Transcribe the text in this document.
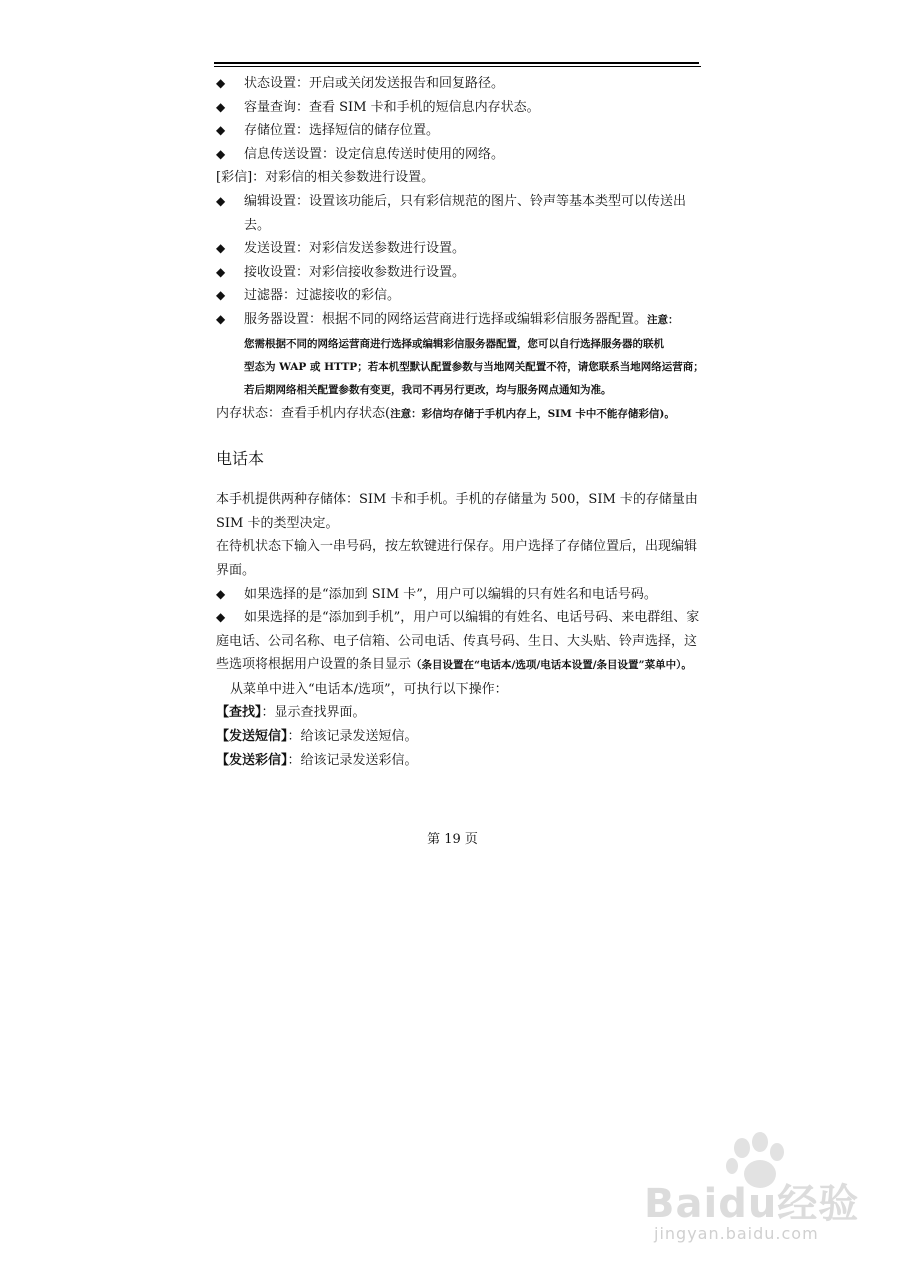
◆ 状态设置：开启或关闭发送报告和回复路径。
◆ 容量查询：查看 SIM 卡和手机的短信息内存状态。
◆ 存储位置：选择短信的储存位置。
◆ 信息传送设置：设定信息传送时使用的网络。
[彩信]：对彩信的相关参数进行设置。
◆ 编辑设置：设置该功能后，只有彩信规范的图片、铃声等基本类型可以传送出去。
◆ 发送设置：对彩信发送参数进行设置。
◆ 接收设置：对彩信接收参数进行设置。
◆ 过滤器：过滤接收的彩信。
◆ 服务器设置：根据不同的网络运营商进行选择或编辑彩信服务器配置。注意：
您需根据不同的网络运营商进行选择或编辑彩信服务器配置，您可以自行选择服务器的联机
型态为 WAP 或 HTTP；若本机型默认配置参数与当地网关配置不符，请您联系当地网络运营商；
若后期网络相关配置参数有变更，我司不再另行更改，均与服务网点通知为准。
内存状态：查看手机内存状态(注意：彩信均存储于手机内存上，SIM 卡中不能存储彩信)。
电话本
本手机提供两种存储体：SIM 卡和手机。手机的存储量为 500，SIM 卡的存储量由 SIM 卡的类型决定。
在待机状态下输入一串号码，按左软键进行保存。用户选择了存储位置后，出现编辑界面。
◆ 如果选择的是“添加到 SIM 卡”，用户可以编辑的只有姓名和电话号码。
◆ 如果选择的是“添加到手机”，用户可以编辑的有姓名、电话号码、来电群组、家庭电话、公司名称、电子信箱、公司电话、传真号码、生日、大头贴、铃声选择，这些选项将根据用户设置的条目显示（条目设置在“电话本/选项/电话本设置/条目设置”菜单中）。
从菜单中进入“电话本/选项”，可执行以下操作：
【查找】：显示查找界面。
【发送短信】：给该记录发送短信。
【发送彩信】：给该记录发送彩信。
第 19 页
Baidu经验
jingyan.baidu.com
